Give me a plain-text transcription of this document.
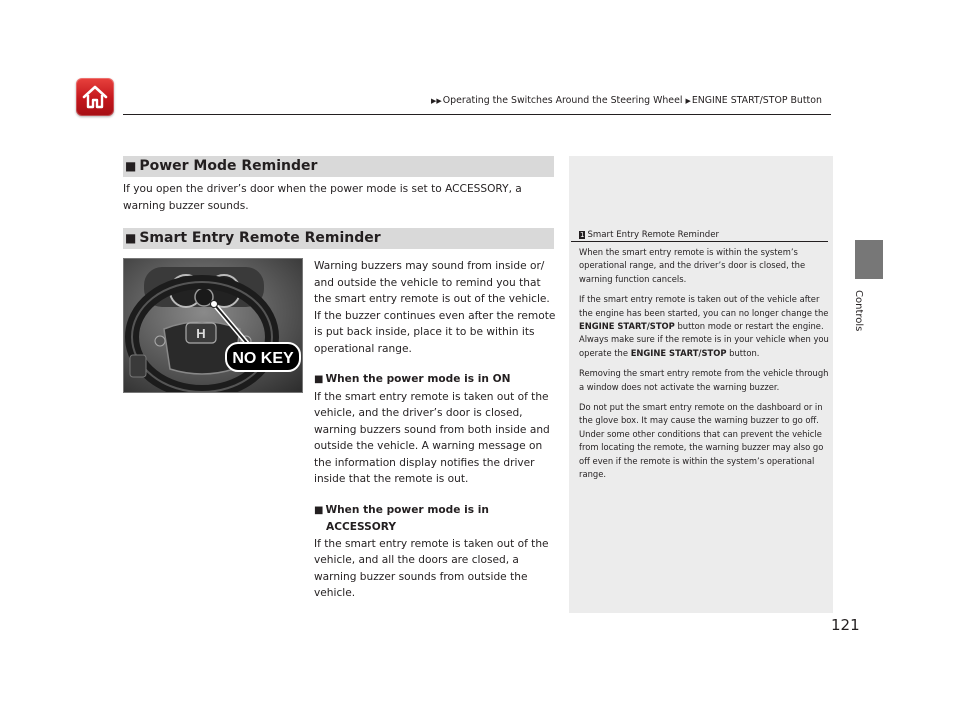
▶▶Operating the Switches Around the Steering Wheel ▶ENGINE START/STOP Button
Controls
■ Power Mode Reminder
If you open the driver’s door when the power mode is set to ACCESSORY, a warning buzzer sounds.
■ Smart Entry Remote Reminder
H
NO KEY

Warning buzzers may sound from inside or/ and outside the vehicle to remind you that the smart entry remote is out of the vehicle. If the buzzer continues even after the remote is put back inside, place it to be within its operational range.

■ When the power mode is in ON

If the smart entry remote is taken out of the vehicle, and the driver’s door is closed, warning buzzers sound from both inside and outside the vehicle. A warning message on the information display notifies the driver inside that the remote is out.

■ When the power mode is in
ACCESSORY

If the smart entry remote is taken out of the vehicle, and all the doors are closed, a warning buzzer sounds from outside the vehicle.

1 Smart Entry Remote Reminder

When the smart entry remote is within the system’s operational range, and the driver’s door is closed, the warning function cancels.

If the smart entry remote is taken out of the vehicle after the engine has been started, you can no longer change the ENGINE START/STOP button mode or restart the engine. Always make sure if the remote is in your vehicle when you operate the ENGINE START/STOP button.

Removing the smart entry remote from the vehicle through a window does not activate the warning buzzer.

Do not put the smart entry remote on the dashboard or in the glove box. It may cause the warning buzzer to go off. Under some other conditions that can prevent the vehicle from locating the remote, the warning buzzer may also go off even if the remote is within the system’s operational range.

121
